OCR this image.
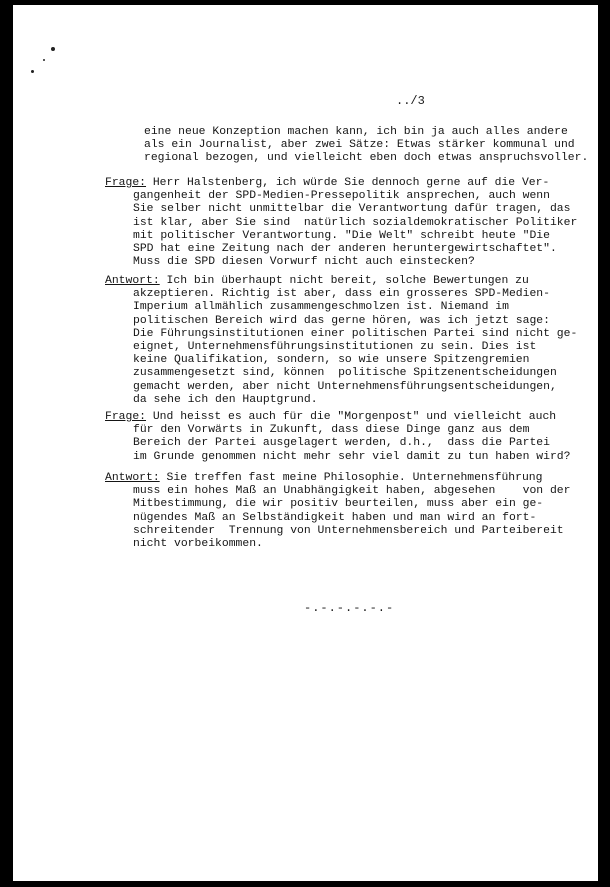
../3
eine neue Konzeption machen kann, ich bin ja auch alles andere
als ein Journalist, aber zwei Sätze: Etwas stärker kommunal und
regional bezogen, und vielleicht eben doch etwas anspruchsvoller.
Frage: Herr Halstenberg, ich würde Sie dennoch gerne auf die Ver-
gangenheit der SPD-Medien-Pressepolitik ansprechen, auch wenn
Sie selber nicht unmittelbar die Verantwortung dafür tragen, das
ist klar, aber Sie sind  natürlich sozialdemokratischer Politiker
mit politischer Verantwortung. "Die Welt" schreibt heute "Die
SPD hat eine Zeitung nach der anderen heruntergewirtschaftet".
Muss die SPD diesen Vorwurf nicht auch einstecken?
Antwort: Ich bin überhaupt nicht bereit, solche Bewertungen zu
akzeptieren. Richtig ist aber, dass ein grosseres SPD-Medien-
Imperium allmählich zusammengeschmolzen ist. Niemand im
politischen Bereich wird das gerne hören, was ich jetzt sage:
Die Führungsinstitutionen einer politischen Partei sind nicht ge-
eignet, Unternehmensführungsinstitutionen zu sein. Dies ist
keine Qualifikation, sondern, so wie unsere Spitzengremien
zusammengesetzt sind, können  politische Spitzenentscheidungen
gemacht werden, aber nicht Unternehmensführungsentscheidungen,
da sehe ich den Hauptgrund.
Frage: Und heisst es auch für die "Morgenpost" und vielleicht auch
für den Vorwärts in Zukunft, dass diese Dinge ganz aus dem
Bereich der Partei ausgelagert werden, d.h.,  dass die Partei
im Grunde genommen nicht mehr sehr viel damit zu tun haben wird?
Antwort: Sie treffen fast meine Philosophie. Unternehmensführung
muss ein hohes Maß an Unabhängigkeit haben, abgesehen    von der
Mitbestimmung, die wir positiv beurteilen, muss aber ein ge-
nügendes Maß an Selbständigkeit haben und man wird an fort-
schreitender  Trennung von Unternehmensbereich und Parteibereit
nicht vorbeikommen.
-.-.-.-.-.-
